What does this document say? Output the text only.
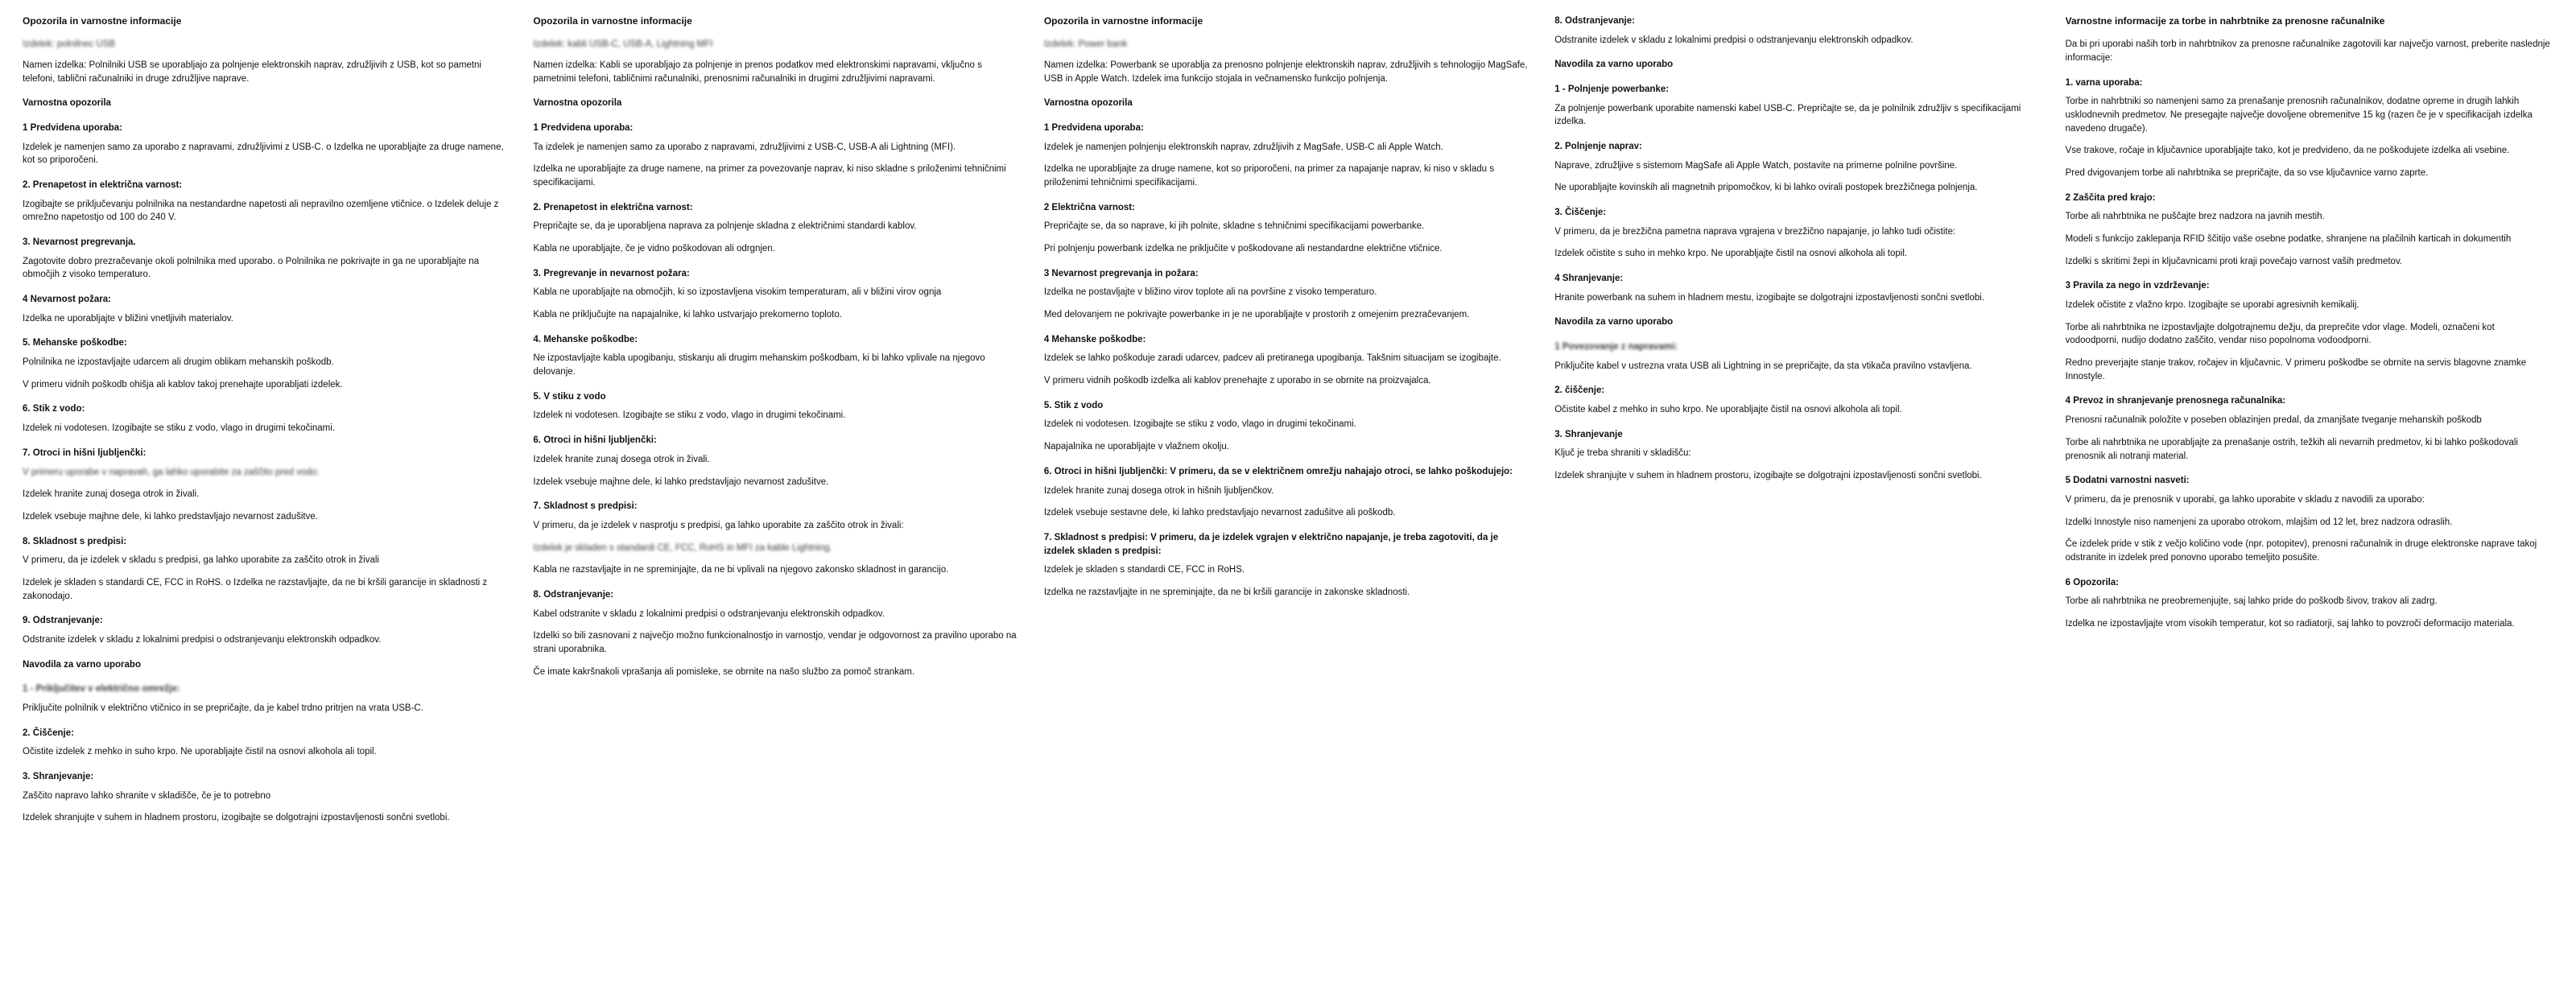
Opozorila in varnostne informacije
Izdelek: polnilnec USB

Namen izdelka: Polnilniki USB se uporabljajo za polnjenje elektronskih naprav, združljivih z USB, kot so pametni telefoni, tablični računalniki in druge združljive naprave.

Varnostna opozorila
1 Predvidena uporaba:

Izdelek je namenjen samo za uporabo z napravami, združljivimi z USB-C. o Izdelka ne uporabljajte za druge namene, kot so priporočeni.

2. Prenapetost in električna varnost:

Izogibajte se priključevanju polnilnika na nestandardne napetosti ali nepravilno ozemljene vtičnice. o Izdelek deluje z omrežno napetostjo od 100 do 240 V.

3. Nevarnost pregrevanja.

Zagotovite dobro prezračevanje okoli polnilnika med uporabo. o Polnilnika ne pokrivajte in ga ne uporabljajte na območjih z visoko temperaturo.

4 Nevarnost požara:

Izdelka ne uporabljajte v bližini vnetljivih materialov.

5. Mehanske poškodbe:

Polnilnika ne izpostavljajte udarcem ali drugim oblikam mehanskih poškodb.

V primeru vidnih poškodb ohišja ali kablov takoj prenehajte uporabljati izdelek.

6. Stik z vodo:

Izdelek ni vodotesen. Izogibajte se stiku z vodo, vlago in drugimi tekočinami.

7. Otroci in hišni ljubljenčki:

V primeru uporabe v napravah, ga lahko uporabite za zaščito pred vodo:

Izdelek hranite zunaj dosega otrok in živali.

Izdelek vsebuje majhne dele, ki lahko predstavljajo nevarnost zadušitve.

8. Skladnost s predpisi:

V primeru, da je izdelek v skladu s predpisi, ga lahko uporabite za zaščito otrok in živali

Izdelek je skladen s standardi CE, FCC in RoHS. o Izdelka ne razstavljajte, da ne bi kršili garancije in skladnosti z zakonodajo.

9. Odstranjevanje:

Odstranite izdelek v skladu z lokalnimi predpisi o odstranjevanju elektronskih odpadkov.

Navodila za varno uporabo
1 - Priključitev v električno omrežje:

Priključite polnilnik v električno vtičnico in se prepričajte, da je kabel trdno pritrjen na vrata USB-C.

2. Čiščenje:

Očistite izdelek z mehko in suho krpo. Ne uporabljajte čistil na osnovi alkohola ali topil.

3. Shranjevanje:

Zaščito napravo lahko shranite v skladišče, če je to potrebno

Izdelek shranjujte v suhem in hladnem prostoru, izogibajte se dolgotrajni izpostavljenosti sončni svetlobi.

Opozorila in varnostne informacije
Izdelek: kabli USB-C, USB-A, Lightning MFI

Namen izdelka: Kabli se uporabljajo za polnjenje in prenos podatkov med elektronskimi napravami, vključno s pametnimi telefoni, tabličnimi računalniki, prenosnimi računalniki in drugimi združljivimi napravami.

Varnostna opozorila
1 Predvidena uporaba:

Ta izdelek je namenjen samo za uporabo z napravami, združljivimi z USB-C, USB-A ali Lightning (MFI).

Izdelka ne uporabljajte za druge namene, na primer za povezovanje naprav, ki niso skladne s priloženimi tehničnimi specifikacijami.

2. Prenapetost in električna varnost:

Prepričajte se, da je uporabljena naprava za polnjenje skladna z električnimi standardi kablov.

Kabla ne uporabljajte, če je vidno poškodovan ali odrgnjen.

3. Pregrevanje in nevarnost požara:

Kabla ne uporabljajte na območjih, ki so izpostavljena visokim temperaturam, ali v bližini virov ognja

Kabla ne priključujte na napajalnike, ki lahko ustvarjajo prekomerno toploto.

4. Mehanske poškodbe:

Ne izpostavljajte kabla upogibanju, stiskanju ali drugim mehanskim poškodbam, ki bi lahko vplivale na njegovo delovanje.

5. V stiku z vodo

Izdelek ni vodotesen. Izogibajte se stiku z vodo, vlago in drugimi tekočinami.

6. Otroci in hišni ljubljenčki:

Izdelek hranite zunaj dosega otrok in živali.

Izdelek vsebuje majhne dele, ki lahko predstavljajo nevarnost zadušitve.

7. Skladnost s predpisi:

V primeru, da je izdelek v nasprotju s predpisi, ga lahko uporabite za zaščito otrok in živali:

Izdelek je skladen s standardi CE, FCC, RoHS in MFI za kable Lightning.

Kabla ne razstavljajte in ne spreminjajte, da ne bi vplivali na njegovo zakonsko skladnost in garancijo.

8. Odstranjevanje:

Kabel odstranite v skladu z lokalnimi predpisi o odstranjevanju elektronskih odpadkov.

Izdelki so bili zasnovani z največjo možno funkcionalnostjo in varnostjo, vendar je odgovornost za pravilno uporabo na strani uporabnika.

Če imate kakršnakoli vprašanja ali pomislekе, se obrnite na našo službo za pomoč strankam.

Opozorila in varnostne informacije
Izdelek: Power bank

Namen izdelka: Powerbank se uporablja za prenosno polnjenje elektronskih naprav, združljivih s tehnologijo MagSafe, USB in Apple Watch. Izdelek ima funkcijo stojala in večnamensko funkcijo polnjenja.

Varnostna opozorila
1 Predvidena uporaba:

Izdelek je namenjen polnjenju elektronskih naprav, združljivih z MagSafe, USB-C ali Apple Watch.

Izdelka ne uporabljajte za druge namene, kot so priporočeni, na primer za napajanje naprav, ki niso v skladu s priloženimi tehničnimi specifikacijami.

2 Električna varnost:

Prepričajte se, da so naprave, ki jih polnite, skladne s tehničnimi specifikacijami powerbanke.

Pri polnjenju powerbank izdelka ne priključite v poškodovane ali nestandardne električne vtičnice.

3 Nevarnost pregrevanja in požara:

Izdelka ne postavljajte v bližino virov toplote ali na površine z visoko temperaturo.

Med delovanjem ne pokrivajte powerbanke in je ne uporabljajte v prostorih z omejenim prezračevanjem.

4 Mehanske poškodbe:

Izdelek se lahko poškoduje zaradi udarcev, padcev ali pretiranega upogibanja. Takšnim situacijam se izogibajte.

V primeru vidnih poškodb izdelka ali kablov prenehajte z uporabo in se obrnite na proizvajalca.

5. Stik z vodo

Izdelek ni vodotesen. Izogibajte se stiku z vodo, vlago in drugimi tekočinami.

Napajalnika ne uporabljajte v vlažnem okolju.

6. Otroci in hišni ljubljenčki: V primeru, da se v električnem omrežju nahajajo otroci, se lahko poškodujejo:

Izdelek hranite zunaj dosega otrok in hišnih ljubljenčkov.

Izdelek vsebuje sestavne dele, ki lahko predstavljajo nevarnost zadušitve ali poškodb.

7. Skladnost s predpisi: V primeru, da je izdelek vgrajen v električno napajanje, je treba zagotoviti, da je izdelek skladen s predpisi:

Izdelek je skladen s standardi CE, FCC in RoHS.

Izdelka ne razstavljajte in ne spreminjajte, da ne bi kršili garancije in zakonske skladnosti.

8. Odstranjevanje:

Odstranite izdelek v skladu z lokalnimi predpisi o odstranjevanju elektronskih odpadkov.

Navodila za varno uporabo
1 - Polnjenje powerbanke:

Za polnjenje powerbank uporabite namenski kabel USB-C. Prepričajte se, da je polnilnik združljiv s specifikacijami izdelka.

2. Polnjenje naprav:

Naprave, združljive s sistemom MagSafe ali Apple Watch, postavite na primerne polnilne površine.

Ne uporabljajte kovinskih ali magnetnih pripomočkov, ki bi lahko ovirali postopek brezžičnega polnjenja.

3. Čiščenje:

V primeru, da je brezžična pametna naprava vgrajena v brezžično napajanje, jo lahko tudi očistite:

Izdelek očistite s suho in mehko krpo. Ne uporabljajte čistil na osnovi alkohola ali topil.

4 Shranjevanje:

Hranite powerbank na suhem in hladnem mestu, izogibajte se dolgotrajni izpostavljenosti sončni svetlobi.

Navodila za varno uporabo
1 Povezovanje z napravami:

Priključite kabel v ustrezna vrata USB ali Lightning in se prepričajte, da sta vtikača pravilno vstavljena.

2. čiščenje:

Očistite kabel z mehko in suho krpo. Ne uporabljajte čistil na osnovi alkohola ali topil.

3. Shranjevanje

Ključ je treba shraniti v skladišču:

Izdelek shranjujte v suhem in hladnem prostoru, izogibajte se dolgotrajni izpostavljenosti sončni svetlobi.

Varnostne informacije za torbe in nahrbtnike za prenosne računalnike

Da bi pri uporabi naših torb in nahrbtnikov za prenosne računalnike zagotovili kar največjo varnost, preberite naslednje informacije:

1. varna uporaba:

Torbe in nahrbtniki so namenjeni samo za prenašanje prenosnih računalnikov, dodatne opreme in drugih lahkih usklodnevnih predmetov. Ne presegajte največje dovoljene obremenitve 15 kg (razen če je v specifikacijah izdelka navedeno drugače).

Vse trakove, ročaje in ključavnice uporabljajte tako, kot je predvideno, da ne poškodujete izdelka ali vsebine.

Pred dvigovanjem torbe ali nahrbtnika se prepričajte, da so vse ključavnice varno zaprte.

2 Zaščita pred krajo:

Torbe ali nahrbtnika ne puščajte brez nadzora na javnih mestih.

Modeli s funkcijo zaklepanja RFID ščitijo vaše osebne podatke, shranjene na plačilnih karticah in dokumentih

Izdelki s skritimi žepi in ključavnicami proti kraji povečajo varnost vaših predmetov.

3 Pravila za nego in vzdrževanje:

Izdelek očistite z vlažno krpo. Izogibajte se uporabi agresivnih kemikalij.

Torbe ali nahrbtnika ne izpostavljajte dolgotrajnemu dežju, da preprečite vdor vlage. Modeli, označeni kot vodoodporni, nudijo dodatno zaščito, vendar niso popolnoma vodoodporni.

Redno preverjajte stanje trakov, ročajev in ključavnic. V primeru poškodbe se obrnite na servis blagovne znamke Innostyle.

4 Prevoz in shranjevanje prenosnega računalnika:

Prenosni računalnik položite v poseben oblazinjen predal, da zmanjšate tveganje mehanskih poškodb

Torbe ali nahrbtnika ne uporabljajte za prenašanje ostrih, težkih ali nevarnih predmetov, ki bi lahko poškodovali prenosnik ali notranji material.

5 Dodatni varnostni nasveti:

V primeru, da je prenosnik v uporabi, ga lahko uporabite v skladu z navodili za uporabo:

Izdelki Innostyle niso namenjeni za uporabo otrokom, mlajšim od 12 let, brez nadzora odraslih.

Če izdelek pride v stik z večjo količino vode (npr. potopitev), prenosni računalnik in druge elektronske naprave takoj odstranite in izdelek pred ponovno uporabo temeljito posušite.

6 Opozorila:

Torbe ali nahrbtnika ne preobremenjujte, saj lahko pride do poškodb šivov, trakov ali zadrg.

Izdelka ne izpostavljajte vrom visokih temperatur, kot so radiatorji, saj lahko to povzroči deformacijo materiala.
